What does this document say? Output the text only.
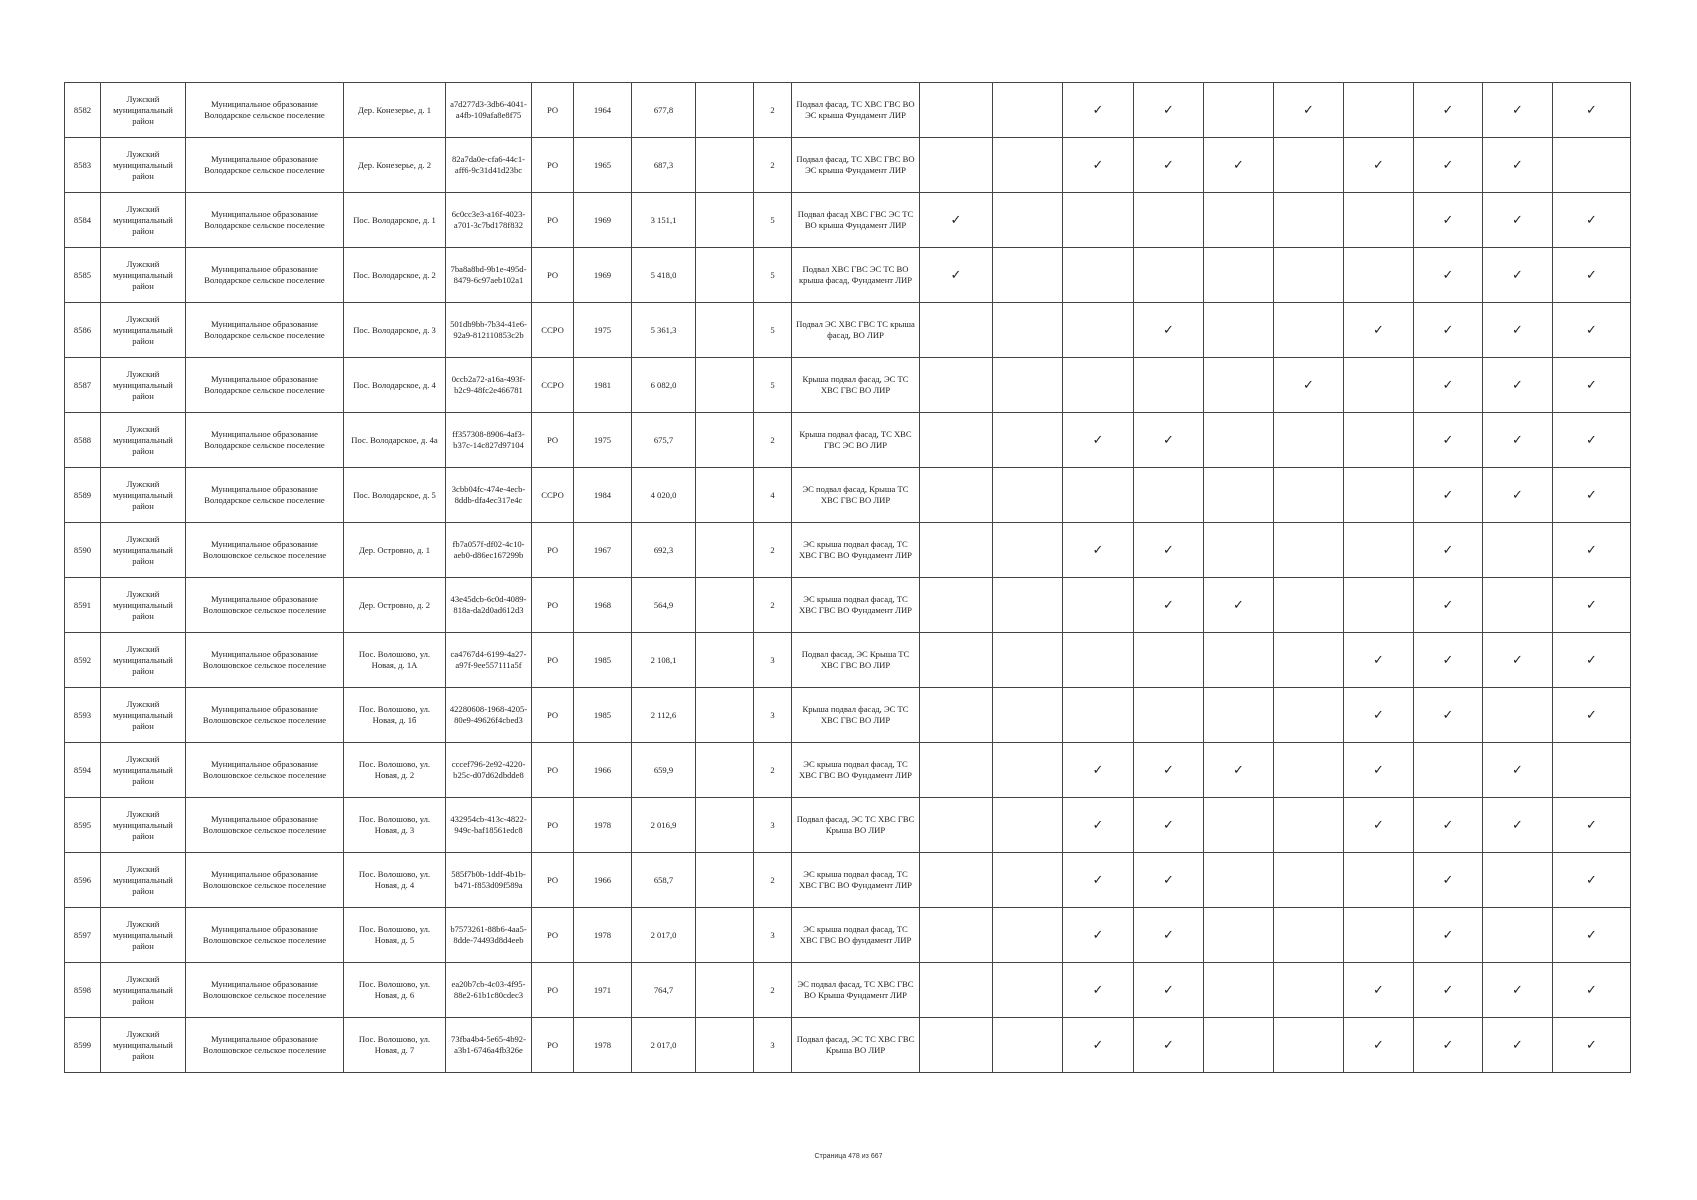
8582	Лужский муниципальный район	Муниципальное образование Володарское сельское поселение	Дер. Конезерье, д. 1	a7d277d3-3db6-4041-a4fb-109afa8e8f75	РО	1964	677,8		2	Подвал фасад, ТС ХВС ГВС ВО ЭС крыша Фундамент ЛИР			✓	✓		✓		✓	✓	✓
8583	Лужский муниципальный район	Муниципальное образование Володарское сельское поселение	Дер. Конезерье, д. 2	82a7da0e-cfa6-44c1-aff6-9c31d41d23bc	РО	1965	687,3		2	Подвал фасад, ТС ХВС ГВС ВО ЭС крыша Фундамент ЛИР			✓	✓	✓		✓	✓	✓	
8584	Лужский муниципальный район	Муниципальное образование Володарское сельское поселение	Пос. Володарское, д. 1	6c0cc3e3-a16f-4023-a701-3c7bd178f832	РО	1969	3 151,1		5	Подвал фасад ХВС ГВС ЭС ТС ВО крыша Фундамент ЛИР	✓							✓	✓	✓
8585	Лужский муниципальный район	Муниципальное образование Володарское сельское поселение	Пос. Володарское, д. 2	7ba8a8bd-9b1e-495d-8479-6c97aeb102a1	РО	1969	5 418,0		5	Подвал ХВС ГВС ЭС ТС ВО крыша фасад, Фундамент ЛИР	✓							✓	✓	✓
8586	Лужский муниципальный район	Муниципальное образование Володарское сельское поселение	Пос. Володарское, д. 3	501db9bb-7b34-41e6-92a9-812110853c2b	ССРО	1975	5 361,3		5	Подвал ЭС ХВС ГВС ТС крыша фасад, ВО ЛИР				✓			✓	✓	✓	✓
8587	Лужский муниципальный район	Муниципальное образование Володарское сельское поселение	Пос. Володарское, д. 4	0ccb2a72-a16a-493f-b2c9-48fc2e466781	ССРО	1981	6 082,0		5	Крыша подвал фасад, ЭС ТС ХВС ГВС ВО ЛИР						✓		✓	✓	✓
8588	Лужский муниципальный район	Муниципальное образование Володарское сельское поселение	Пос. Володарское, д. 4а	ff357308-8906-4af3-b37c-14c827d97104	РО	1975	675,7		2	Крыша подвал фасад, ТС ХВС ГВС ЭС ВО ЛИР			✓	✓				✓	✓	✓
8589	Лужский муниципальный район	Муниципальное образование Володарское сельское поселение	Пос. Володарское, д. 5	3cbb04fc-474e-4ecb-8ddb-dfa4ec317e4c	ССРО	1984	4 020,0		4	ЭС подвал фасад, Крыша ТС ХВС ГВС ВО ЛИР								✓	✓	✓
8590	Лужский муниципальный район	Муниципальное образование Волошовское сельское поселение	Дер. Островно, д. 1	fb7a057f-df02-4c10-aeb0-d86ec167299b	РО	1967	692,3		2	ЭС крыша подвал фасад, ТС ХВС ГВС ВО Фундамент ЛИР			✓	✓				✓		✓
8591	Лужский муниципальный район	Муниципальное образование Волошовское сельское поселение	Дер. Островно, д. 2	43e45dcb-6c0d-4089-818a-da2d0ad612d3	РО	1968	564,9		2	ЭС крыша подвал фасад, ТС ХВС ГВС ВО Фундамент ЛИР				✓	✓			✓		✓
8592	Лужский муниципальный район	Муниципальное образование Волошовское сельское поселение	Пос. Волошово, ул. Новая, д. 1А	ca4767d4-6199-4a27-a97f-9ee557111a5f	РО	1985	2 108,1		3	Подвал фасад, ЭС Крыша ТС ХВС ГВС ВО ЛИР							✓	✓	✓	✓
8593	Лужский муниципальный район	Муниципальное образование Волошовское сельское поселение	Пос. Волошово, ул. Новая, д. 1б	42280608-1968-4205-80e9-49626f4cbed3	РО	1985	2 112,6		3	Крыша подвал фасад, ЭС ТС ХВС ГВС ВО ЛИР							✓	✓		✓
8594	Лужский муниципальный район	Муниципальное образование Волошовское сельское поселение	Пос. Волошово, ул. Новая, д. 2	cccef796-2e92-4220-b25c-d07d62dbdde8	РО	1966	659,9		2	ЭС крыша подвал фасад, ТС ХВС ГВС ВО Фундамент ЛИР			✓	✓	✓		✓		✓	
8595	Лужский муниципальный район	Муниципальное образование Волошовское сельское поселение	Пос. Волошово, ул. Новая, д. 3	432954cb-413c-4822-949c-baf18561edc8	РО	1978	2 016,9		3	Подвал фасад, ЭС ТС ХВС ГВС Крыша ВО ЛИР			✓	✓			✓	✓	✓	✓
8596	Лужский муниципальный район	Муниципальное образование Волошовское сельское поселение	Пос. Волошово, ул. Новая, д. 4	585f7b0b-1ddf-4b1b-b471-f853d09f589a	РО	1966	658,7		2	ЭС крыша подвал фасад, ТС ХВС ГВС ВО Фундамент ЛИР			✓	✓				✓		✓
8597	Лужский муниципальный район	Муниципальное образование Волошовское сельское поселение	Пос. Волошово, ул. Новая, д. 5	b7573261-88b6-4aa5-8dde-74493d8d4eeb	РО	1978	2 017,0		3	ЭС крыша подвал фасад, ТС ХВС ГВС ВО фундамент ЛИР			✓	✓				✓		✓
8598	Лужский муниципальный район	Муниципальное образование Волошовское сельское поселение	Пос. Волошово, ул. Новая, д. 6	ea20b7cb-4c03-4f95-88e2-61b1c80cdec3	РО	1971	764,7		2	ЭС подвал фасад, ТС ХВС ГВС ВО Крыша Фундамент ЛИР			✓	✓			✓	✓	✓	✓
8599	Лужский муниципальный район	Муниципальное образование Волошовское сельское поселение	Пос. Волошово, ул. Новая, д. 7	73fba4b4-5e65-4b92-a3b1-6746a4fb326e	РО	1978	2 017,0		3	Подвал фасад, ЭС ТС ХВС ГВС Крыша ВО ЛИР			✓	✓			✓	✓	✓	✓
Страница 478 из 667
